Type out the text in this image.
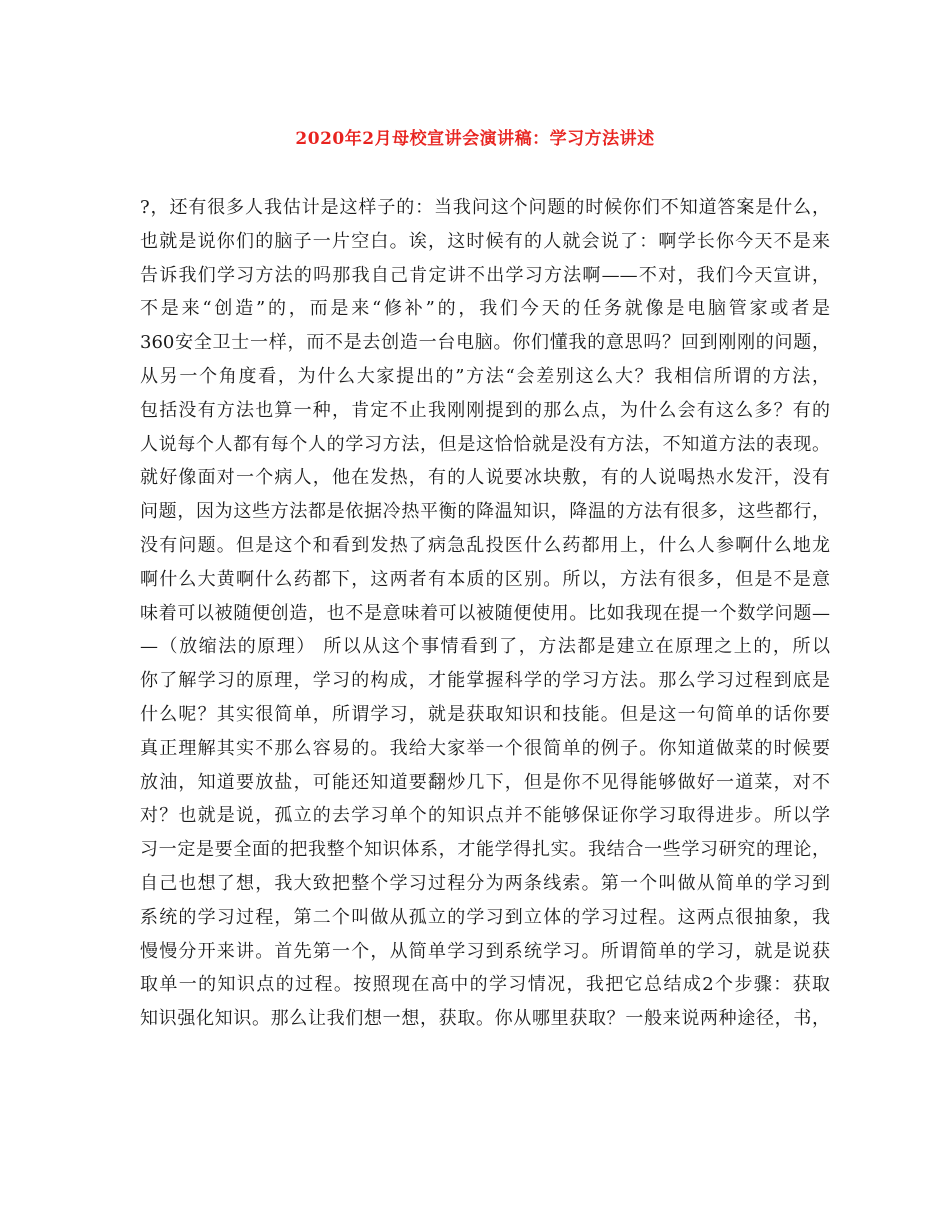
2020年2月母校宣讲会演讲稿：学习方法讲述
?，还有很多人我估计是这样子的：当我问这个问题的时候你们不知道答案是什么，
也就是说你们的脑子一片空白。诶，这时候有的人就会说了：啊学长你今天不是来
告诉我们学习方法的吗那我自己肯定讲不出学习方法啊——不对，我们今天宣讲，
不是来“创造”的，而是来“修补”的，我们今天的任务就像是电脑管家或者是
360安全卫士一样，而不是去创造一台电脑。你们懂我的意思吗？回到刚刚的问题，
从另一个角度看，为什么大家提出的”方法“会差别这么大？我相信所谓的方法，
包括没有方法也算一种，肯定不止我刚刚提到的那么点，为什么会有这么多？有的
人说每个人都有每个人的学习方法，但是这恰恰就是没有方法，不知道方法的表现。
就好像面对一个病人，他在发热，有的人说要冰块敷，有的人说喝热水发汗，没有
问题，因为这些方法都是依据冷热平衡的降温知识，降温的方法有很多，这些都行，
没有问题。但是这个和看到发热了病急乱投医什么药都用上，什么人参啊什么地龙
啊什么大黄啊什么药都下，这两者有本质的区别。所以，方法有很多，但是不是意
味着可以被随便创造，也不是意味着可以被随便使用。比如我现在提一个数学问题—
—（放缩法的原理） 所以从这个事情看到了，方法都是建立在原理之上的，所以
你了解学习的原理，学习的构成，才能掌握科学的学习方法。那么学习过程到底是
什么呢？其实很简单，所谓学习，就是获取知识和技能。但是这一句简单的话你要
真正理解其实不那么容易的。我给大家举一个很简单的例子。你知道做菜的时候要
放油，知道要放盐，可能还知道要翻炒几下，但是你不见得能够做好一道菜，对不
对？也就是说，孤立的去学习单个的知识点并不能够保证你学习取得进步。所以学
习一定是要全面的把我整个知识体系，才能学得扎实。我结合一些学习研究的理论，
自己也想了想，我大致把整个学习过程分为两条线索。第一个叫做从简单的学习到
系统的学习过程，第二个叫做从孤立的学习到立体的学习过程。这两点很抽象，我
慢慢分开来讲。首先第一个，从简单学习到系统学习。所谓简单的学习，就是说获
取单一的知识点的过程。按照现在高中的学习情况，我把它总结成2个步骤：获取
知识强化知识。那么让我们想一想，获取。你从哪里获取？一般来说两种途径，书，
